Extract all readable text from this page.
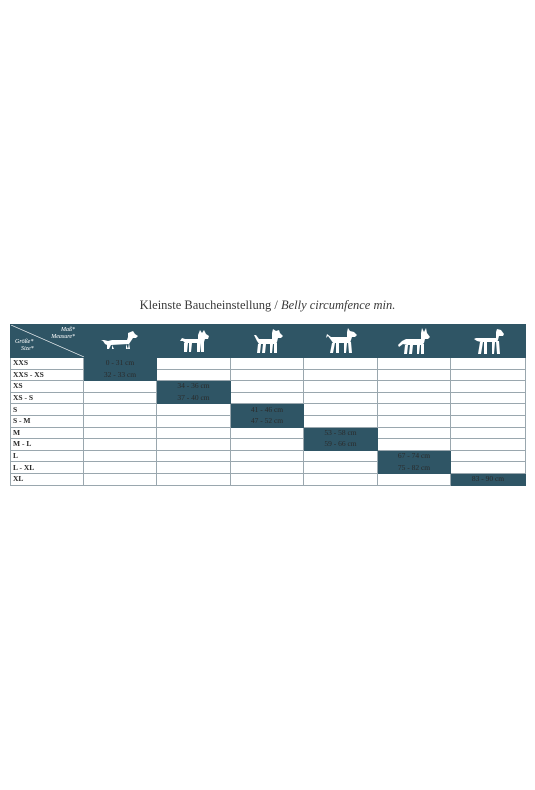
Kleinste Baucheinstellung / Belly circumfence min.
Maß*
Measure*
Größe*
Size*

XXS	0 - 31 cm					
XXS - XS	32 - 33 cm					
XS		34 - 36 cm				
XS - S		37 - 40 cm				
S			41 - 46 cm			
S - M			47 - 52 cm			
M				53 - 58 cm		
M - L				59 - 66 cm		
L					67 - 74 cm	
L - XL					75 - 82 cm	
XL						83 - 90 cm
